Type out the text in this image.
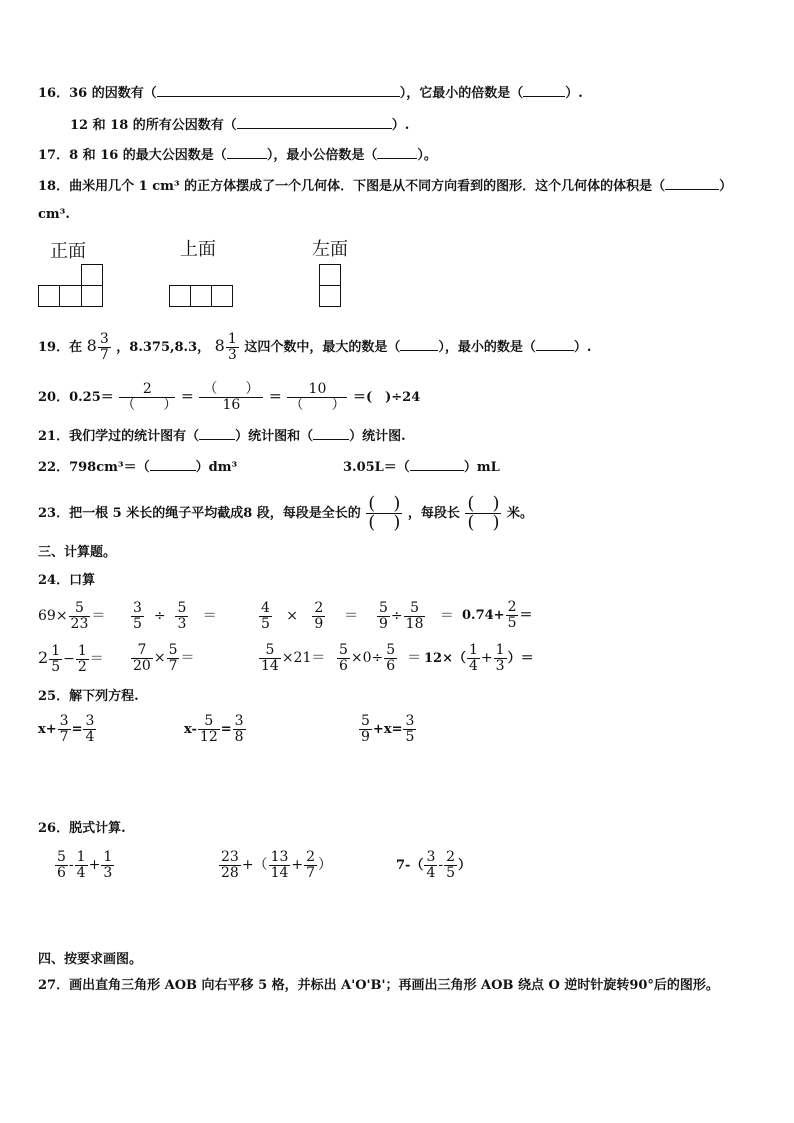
16．36 的因数有（	），它最小的倍数是（	）.
12 和 18 的所有公因数有（	）.
17．8 和 16 的最大公因数是（	），最小公倍数是（	）。
18．曲米用几个 1 cm³ 的正方体摆成了一个几何体．下图是从不同方向看到的图形．这个几何体的体积是（	）
cm³.
正面	上面	左面
19．在 $8 \frac{3}{7}$ ，8.375,8.3， $8 \frac{1}{3}$ 这四个数中，最大的数是（	），最小的数是（	）.
20．$0.25= \frac{2}{( )} = \frac{( )}{16} = \frac{10}{( )}$ ＝(　)÷24
21．我们学过的统计图有（	）统计图和（	）统计图.
22．798cm³＝（	）dm³	3.05L＝（	）mL
23．把一根 5 米长的绳子平均截成8 段，每段是全长的 $\frac{( )}{( )}$ ，每段长 $\frac{( )}{( )}$ 米。
三、计算题。
24．口算
$69\times \frac{5}{23} = \frac{3}{5} \div \frac{5}{3}$ ＝	$\frac{4}{5} \times \frac{2}{9} = \frac{5}{9} \div \frac{5}{18} = 0.74+ \frac{2}{5}$ ＝
$2 \frac{1}{5} - \frac{1}{2} = \frac{7}{20} \times \frac{5}{7}$ ＝	$\frac{5}{14} \times 21= \frac{5}{6} \times 0\div \frac{5}{6} = 12\times( \frac{1}{4} + \frac{1}{3}$ ）＝
25．解下列方程.
$x+ \frac{3}{7} = \frac{3}{4}$	$x- \frac{5}{12} = \frac{3}{8}$	$\frac{5}{9} +x= \frac{3}{5}$
26．脱式计算.
$\frac{5}{6} - \frac{1}{4} + \frac{1}{3}$	$\frac{23}{28}$ +（ $\frac{13}{14} + \frac{2}{7}$ ）	$7-( \frac{3}{4} - \frac{2}{5}$ ）
四、按要求画图。
27．画出直角三角形 AOB 向右平移 5 格，并标出 A'O'B'；再画出三角形 AOB 绕点 O 逆时针旋转90°后的图形。
